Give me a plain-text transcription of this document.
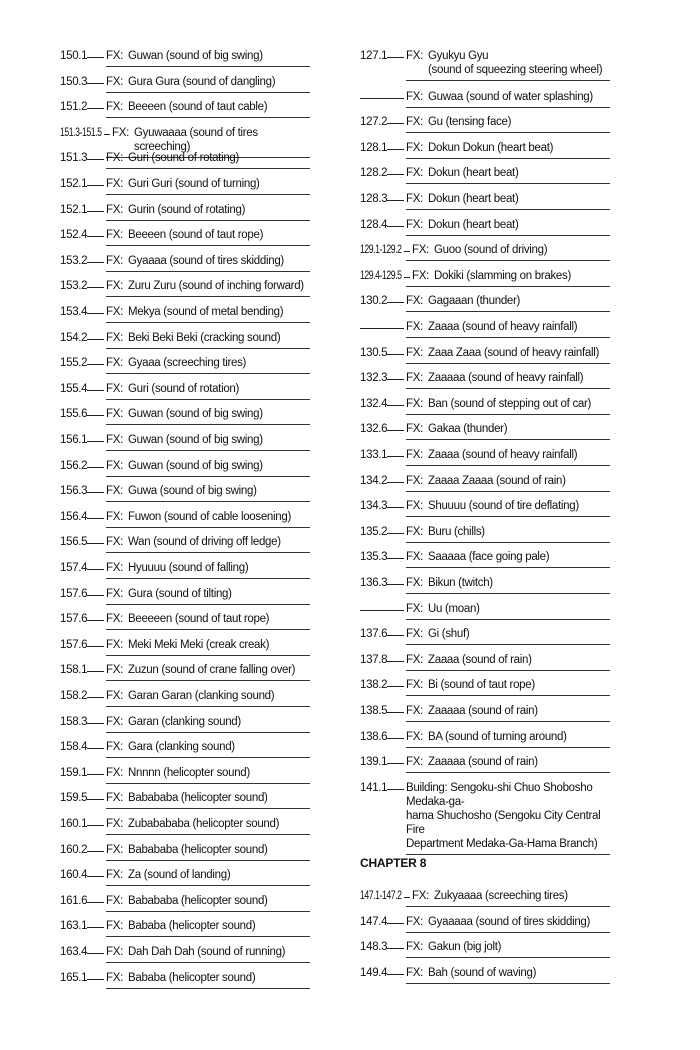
150.1 FX: Guwan (sound of big swing)
150.3 FX: Gura Gura (sound of dangling)
151.2 FX: Beeeen (sound of taut cable)
151.3-151.5 FX: Gyuwaaaa (sound of tires screeching)
151.3 FX: Guri (sound of rotating)
152.1 FX: Guri Guri (sound of turning)
152.1 FX: Gurin (sound of rotating)
152.4 FX: Beeeen (sound of taut rope)
153.2 FX: Gyaaaa (sound of tires skidding)
153.2 FX: Zuru Zuru (sound of inching forward)
153.4 FX: Mekya (sound of metal bending)
154.2 FX: Beki Beki Beki (cracking sound)
155.2 FX: Gyaaa (screeching tires)
155.4 FX: Guri (sound of rotation)
155.6 FX: Guwan (sound of big swing)
156.1 FX: Guwan (sound of big swing)
156.2 FX: Guwan (sound of big swing)
156.3 FX: Guwa (sound of big swing)
156.4 FX: Fuwon (sound of cable loosening)
156.5 FX: Wan (sound of driving off ledge)
157.4 FX: Hyuuuu (sound of falling)
157.6 FX: Gura (sound of tilting)
157.6 FX: Beeeeen (sound of taut rope)
157.6 FX: Meki Meki Meki (creak creak)
158.1 FX: Zuzun (sound of crane falling over)
158.2 FX: Garan Garan (clanking sound)
158.3 FX: Garan (clanking sound)
158.4 FX: Gara (clanking sound)
159.1 FX: Nnnnn (helicopter sound)
159.5 FX: Babababa (helicopter sound)
160.1 FX: Zubabababa (helicopter sound)
160.2 FX: Babababa (helicopter sound)
160.4 FX: Za (sound of landing)
161.6 FX: Babababa (helicopter sound)
163.1 FX: Bababa (helicopter sound)
163.4 FX: Dah Dah Dah (sound of running)
165.1 FX: Bababa (helicopter sound)
127.1 FX: Gyukyu Gyu
(sound of squeezing steering wheel)
FX: Guwaa (sound of water splashing)
127.2 FX: Gu (tensing face)
128.1 FX: Dokun Dokun (heart beat)
128.2 FX: Dokun (heart beat)
128.3 FX: Dokun (heart beat)
128.4 FX: Dokun (heart beat)
129.1-129.2 FX: Guoo (sound of driving)
129.4-129.5 FX: Dokiki (slamming on brakes)
130.2 FX: Gagaaan (thunder)
FX: Zaaaa (sound of heavy rainfall)
130.5 FX: Zaaa Zaaa (sound of heavy rainfall)
132.3 FX: Zaaaaa (sound of heavy rainfall)
132.4 FX: Ban (sound of stepping out of car)
132.6 FX: Gakaa (thunder)
133.1 FX: Zaaaa (sound of heavy rainfall)
134.2 FX: Zaaaa Zaaaa (sound of rain)
134.3 FX: Shuuuu (sound of tire deflating)
135.2 FX: Buru (chills)
135.3 FX: Saaaaa (face going pale)
136.3 FX: Bikun (twitch)
FX: Uu (moan)
137.6 FX: Gi (shuf)
137.8 FX: Zaaaa (sound of rain)
138.2 FX: Bi (sound of taut rope)
138.5 FX: Zaaaaa (sound of rain)
138.6 FX: BA (sound of turning around)
139.1 FX: Zaaaaa (sound of rain)
141.1 Building: Sengoku-shi Chuo Shobosho Medaka-ga-
hama Shuchosho (Sengoku City Central Fire
Department Medaka-Ga-Hama Branch)
147.1-147.2 FX: Zukyaaaa (screeching tires)
147.4 FX: Gyaaaaa (sound of tires skidding)
148.3 FX: Gakun (big jolt)
149.4 FX: Bah (sound of waving)
CHAPTER 8
